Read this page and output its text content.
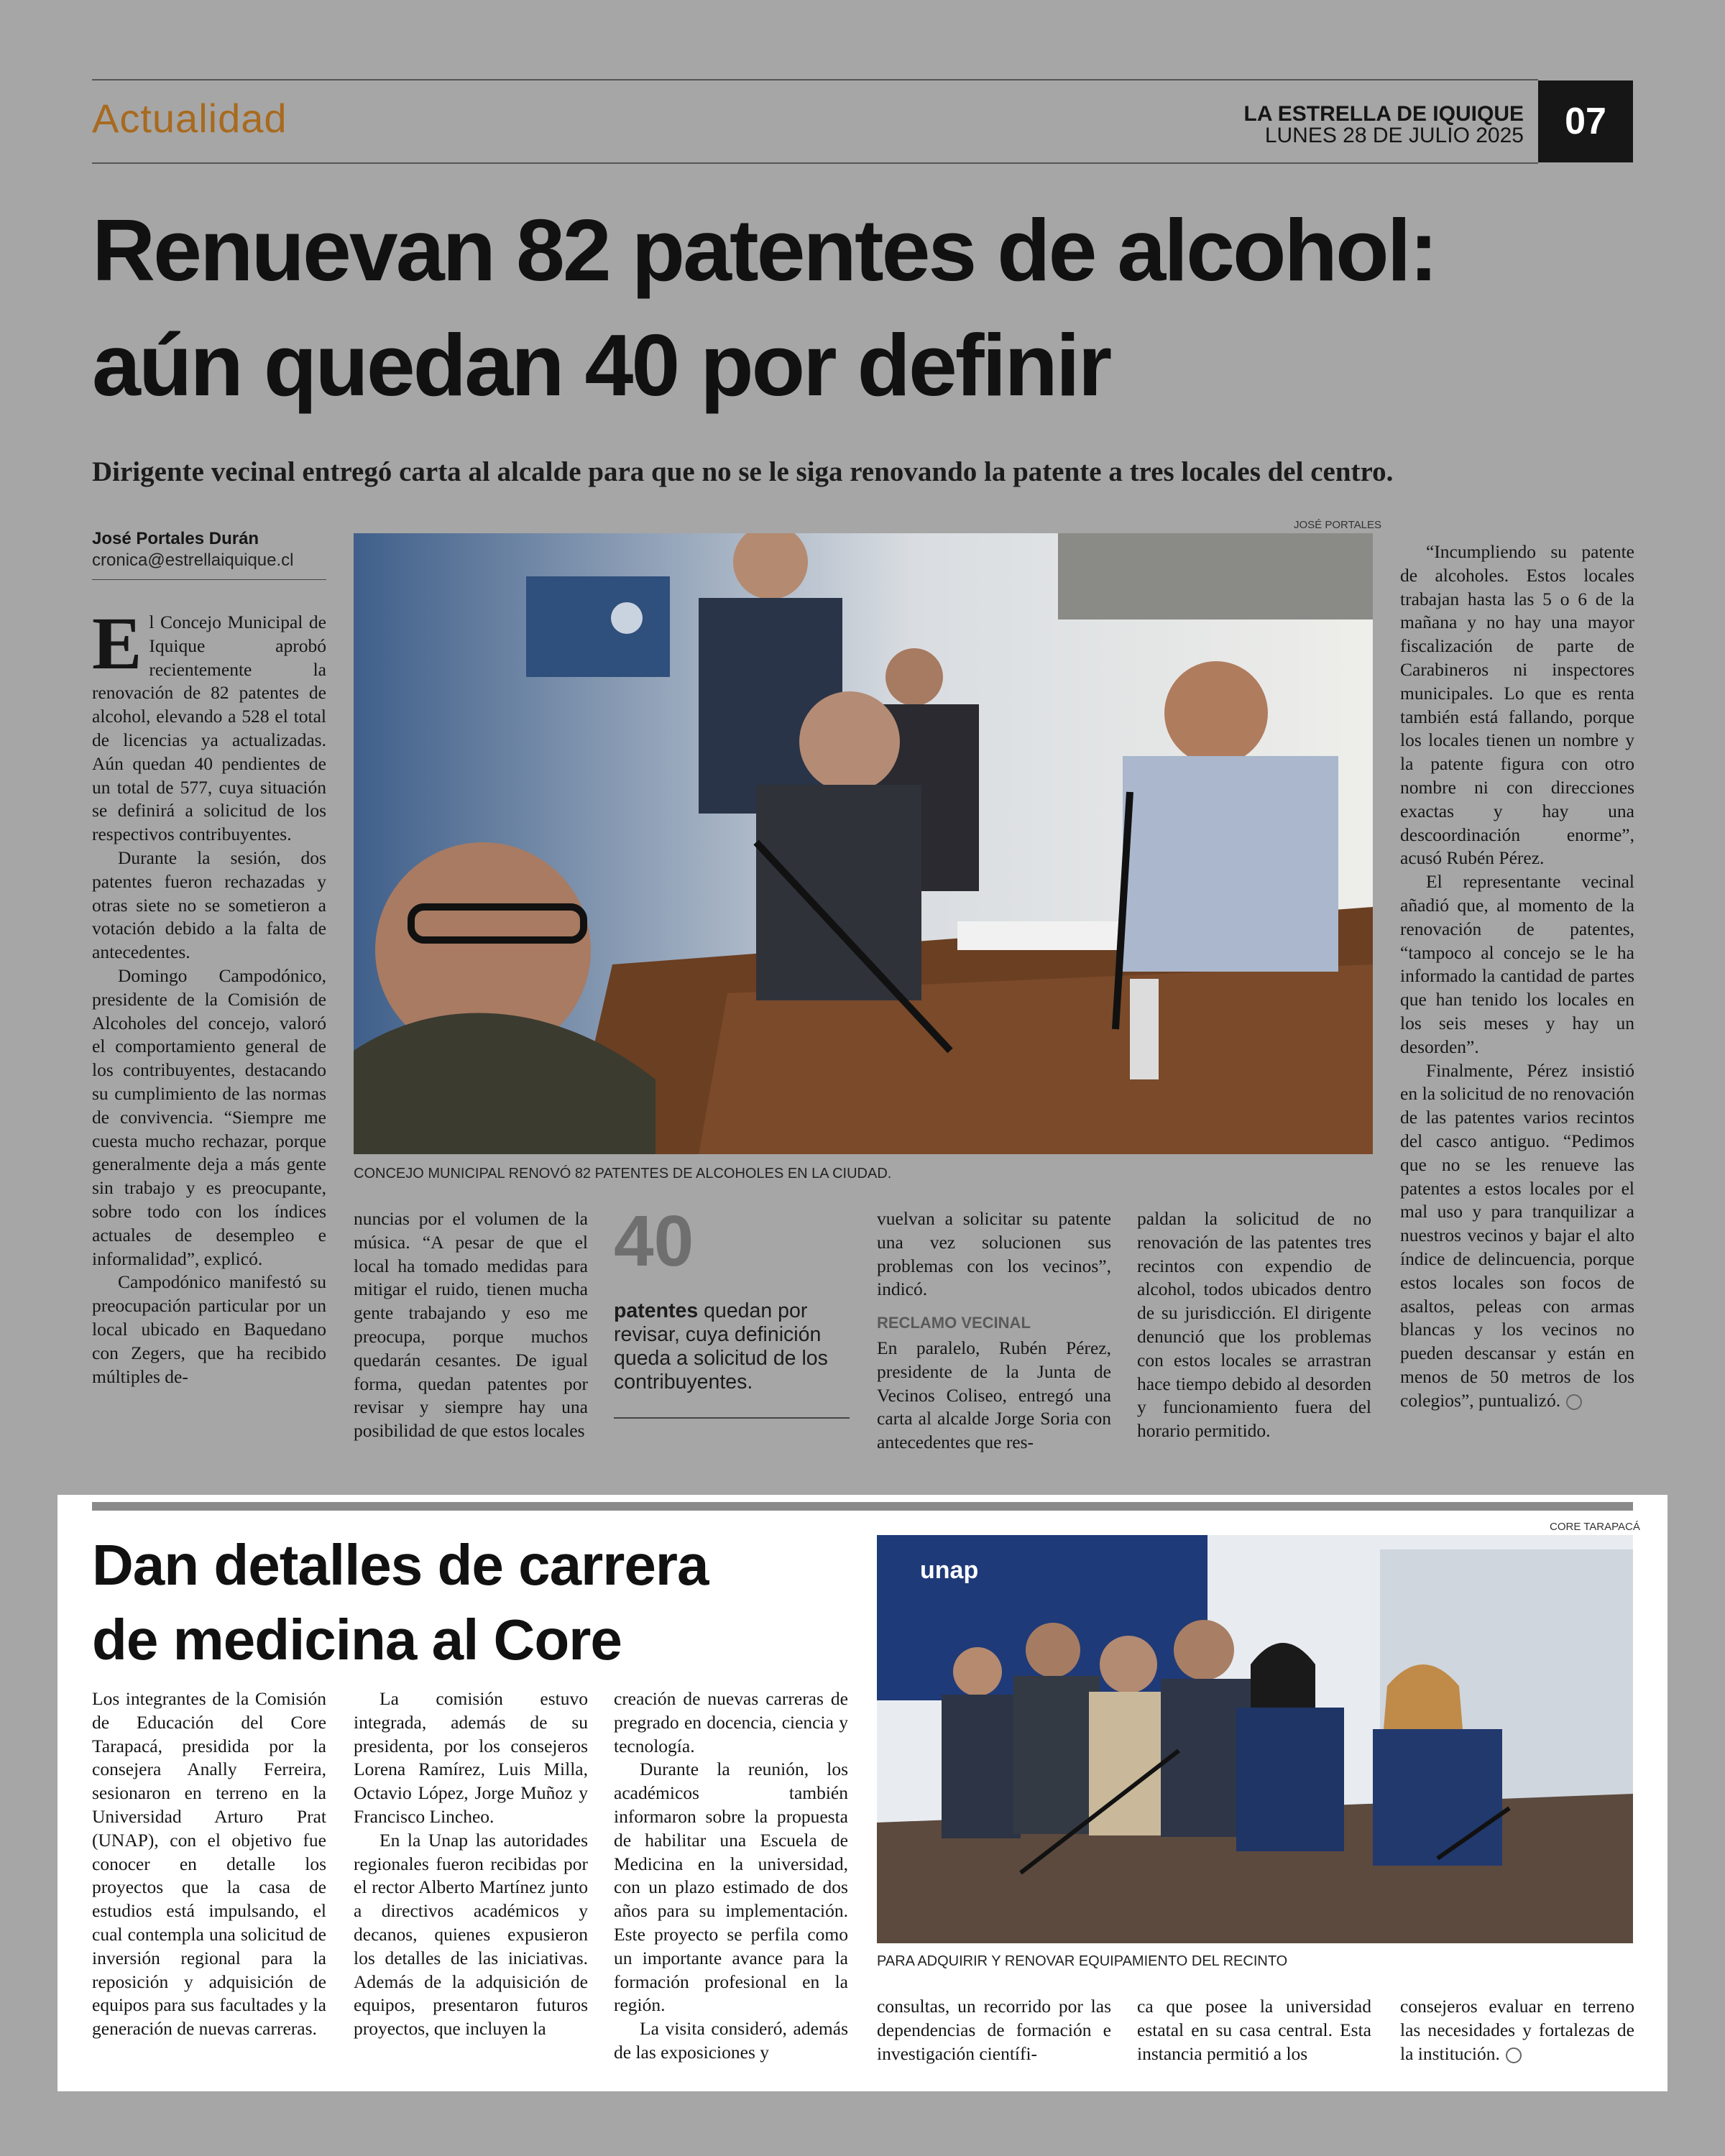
Actualidad	LA ESTRELLA DE IQUIQUE
LUNES 28 DE JULIO 2025	07
Renuevan 82 patentes de alcohol:
aún quedan 40 por definir
Dirigente vecinal entregó carta al alcalde para que no se le siga renovando la patente a tres locales del centro.
José Portales Durán
cronica@estrellaiquique.cl

El Concejo Municipal de Iquique aprobó recientemente la renovación de 82 patentes de alcohol, elevando a 528 el total de licencias ya actualizadas. Aún quedan 40 pendientes de un total de 577, cuya situación se definirá a solicitud de los respectivos contribuyentes.

Durante la sesión, dos patentes fueron rechazadas y otras siete no se sometieron a votación debido a la falta de antecedentes.

Domingo Campodónico, presidente de la Comisión de Alcoholes del concejo, valoró el comportamiento general de los contribuyentes, destacando su cumplimiento de las normas de convivencia. “Siempre me cuesta mucho rechazar, porque generalmente deja a más gente sin trabajo y es preocupante, sobre todo con los índices actuales de desempleo e informalidad”, explicó.

Campodónico manifestó su preocupación particular por un local ubicado en Baquedano con Zegers, que ha recibido múltiples de-

JOSÉ PORTALES
CONCEJO MUNICIPAL RENOVÓ 82 PATENTES DE ALCOHOLES EN LA CIUDAD.

nuncias por el volumen de la música. “A pesar de que el local ha tomado medidas para mitigar el ruido, tienen mucha gente trabajando y eso me preocupa, porque muchos quedarán cesantes. De igual forma, quedan patentes por revisar y siempre hay una posibilidad de que estos locales

40
patentes quedan por revisar, cuya definición queda a solicitud de los contribuyentes.

vuelvan a solicitar su patente una vez solucionen sus problemas con los vecinos”, indicó.

RECLAMO VECINAL

En paralelo, Rubén Pérez, presidente de la Junta de Vecinos Coliseo, entregó una carta al alcalde Jorge Soria con antecedentes que res-

paldan la solicitud de no renovación de las patentes tres recintos con expendio de alcohol, todos ubicados dentro de su jurisdicción. El dirigente denunció que los problemas con estos locales se arrastran hace tiempo debido al desorden y funcionamiento fuera del horario permitido.

“Incumpliendo su patente de alcoholes. Estos locales trabajan hasta las 5 o 6 de la mañana y no hay una mayor fiscalización de parte de Carabineros ni inspectores municipales. Lo que es renta también está fallando, porque los locales tienen un nombre y la patente figura con otro nombre ni con direcciones exactas y hay una descoordinación enorme”, acusó Rubén Pérez.

El representante vecinal añadió que, al momento de la renovación de patentes, “tampoco al concejo se le ha informado la cantidad de partes que han tenido los locales en los seis meses y hay un desorden”.

Finalmente, Pérez insistió en la solicitud de no renovación de las patentes varios recintos del casco antiguo. “Pedimos que no se les renueve las patentes a estos locales por el mal uso y para tranquilizar a nuestros vecinos y bajar el alto índice de delincuencia, porque estos locales son focos de asaltos, peleas con armas blancas y los vecinos no pueden descansar y están en menos de 50 metros de los colegios”, puntualizó.

Dan detalles de carrera
de medicina al Core
CORE TARAPACÁ
unap
PARA ADQUIRIR Y RENOVAR EQUIPAMIENTO DEL RECINTO

Los integrantes de la Comisión de Educación del Core Tarapacá, presidida por la consejera Anally Ferreira, sesionaron en terreno en la Universidad Arturo Prat (UNAP), con el objetivo fue conocer en detalle los proyectos que la casa de estudios está impulsando, el cual contempla una solicitud de inversión regional para la reposición y adquisición de equipos para sus facultades y la generación de nuevas carreras.

La comisión estuvo integrada, además de su presidenta, por los consejeros Lorena Ramírez, Luis Milla, Octavio López, Jorge Muñoz y Francisco Lincheo.

En la Unap las autoridades regionales fueron recibidas por el rector Alberto Martínez junto a directivos académicos y decanos, quienes expusieron los detalles de las iniciativas. Además de la adquisición de equipos, presentaron futuros proyectos, que incluyen la

creación de nuevas carreras de pregrado en docencia, ciencia y tecnología.

Durante la reunión, los académicos también informaron sobre la propuesta de habilitar una Escuela de Medicina en la universidad, con un plazo estimado de dos años para su implementación. Este proyecto se perfila como un importante avance para la formación profesional en la región.

La visita consideró, además de las exposiciones y

consultas, un recorrido por las dependencias de formación e investigación científi-

ca que posee la universidad estatal en su casa central. Esta instancia permitió a los

consejeros evaluar en terreno las necesidades y fortalezas de la institución.
